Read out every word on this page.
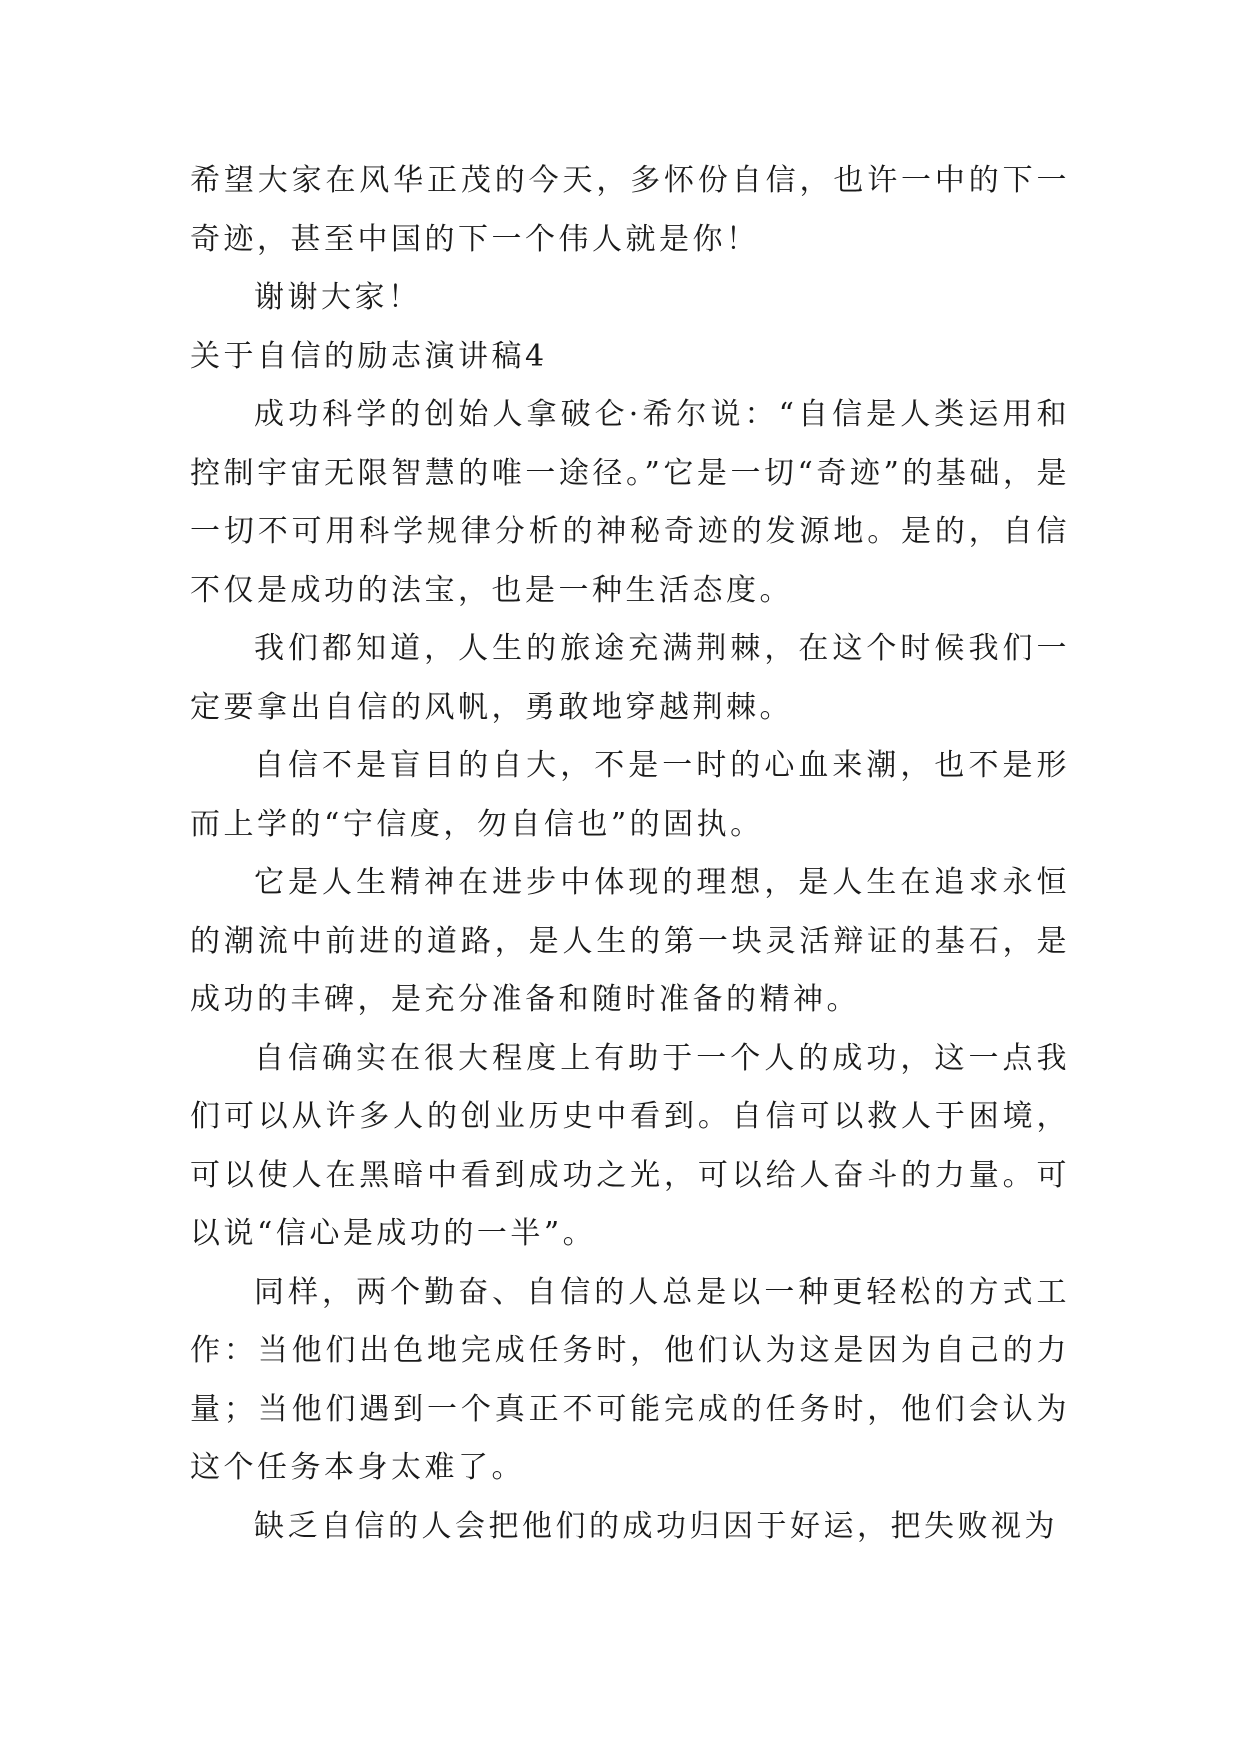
希望大家在风华正茂的今天，多怀份自信，也许一中的下一奇迹，甚至中国的下一个伟人就是你！

谢谢大家！

关于自信的励志演讲稿4

成功科学的创始人拿破仑·希尔说：“自信是人类运用和控制宇宙无限智慧的唯一途径。”它是一切“奇迹”的基础，是一切不可用科学规律分析的神秘奇迹的发源地。是的，自信不仅是成功的法宝，也是一种生活态度。

我们都知道，人生的旅途充满荆棘，在这个时候我们一定要拿出自信的风帆，勇敢地穿越荆棘。

自信不是盲目的自大，不是一时的心血来潮，也不是形而上学的“宁信度，勿自信也”的固执。

它是人生精神在进步中体现的理想，是人生在追求永恒的潮流中前进的道路，是人生的第一块灵活辩证的基石，是成功的丰碑，是充分准备和随时准备的精神。

自信确实在很大程度上有助于一个人的成功，这一点我们可以从许多人的创业历史中看到。自信可以救人于困境，可以使人在黑暗中看到成功之光，可以给人奋斗的力量。可以说“信心是成功的一半”。

同样，两个勤奋、自信的人总是以一种更轻松的方式工作：当他们出色地完成任务时，他们认为这是因为自己的力量；当他们遇到一个真正不可能完成的任务时，他们会认为这个任务本身太难了。

缺乏自信的人会把他们的成功归因于好运，把失败视为
